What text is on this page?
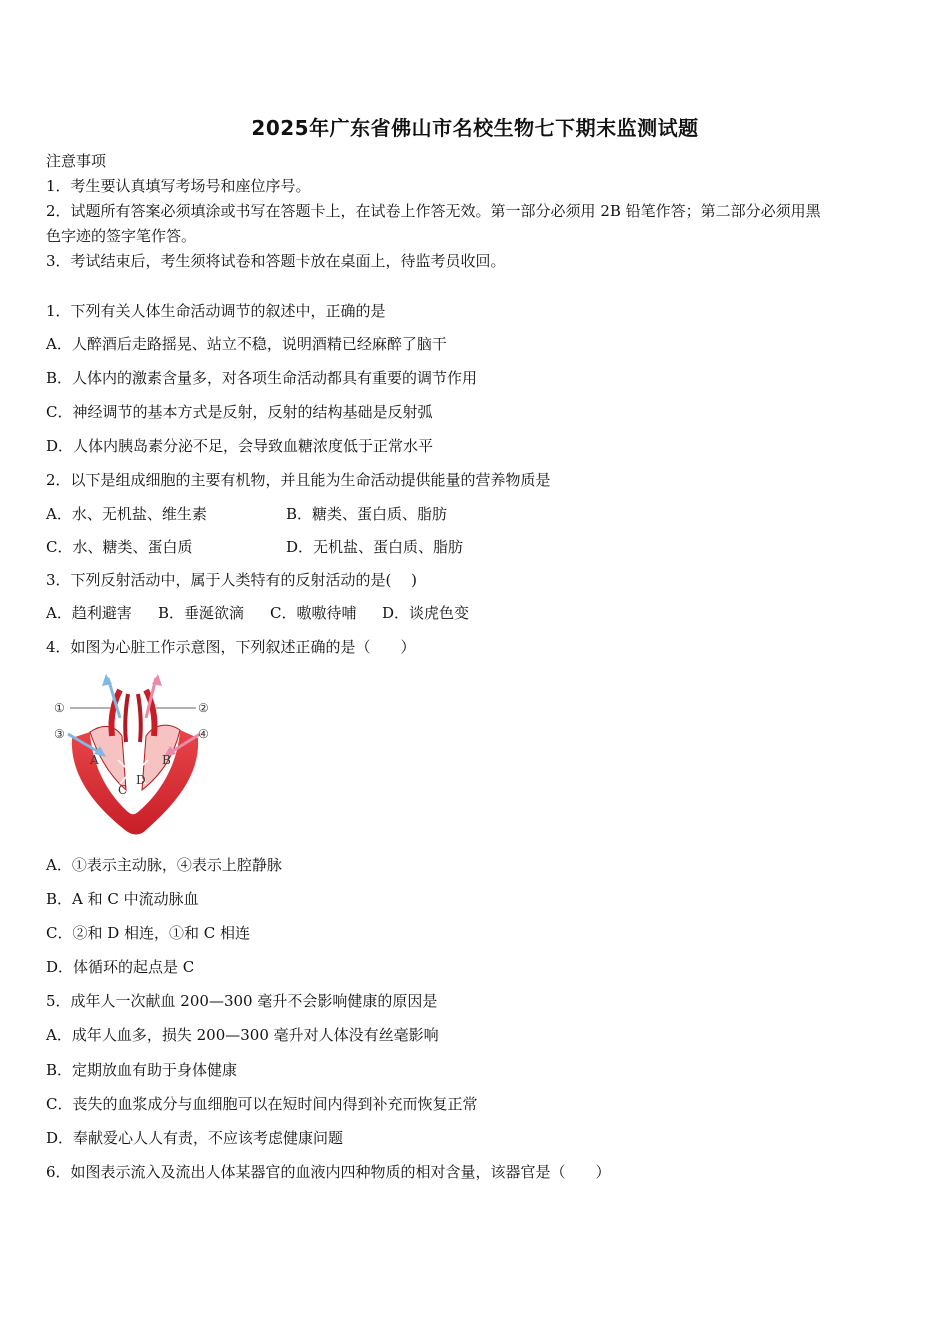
2025年广东省佛山市名校生物七下期末监测试题
注意事项
1．考生要认真填写考场号和座位序号。
2．试题所有答案必须填涂或书写在答题卡上，在试卷上作答无效。第一部分必须用 2B 铅笔作答；第二部分必须用黑
色字迹的签字笔作答。
3．考试结束后，考生须将试卷和答题卡放在桌面上，待监考员收回。
1．下列有关人体生命活动调节的叙述中，正确的是
A．人醉酒后走路摇晃、站立不稳，说明酒精已经麻醉了脑干
B．人体内的激素含量多，对各项生命活动都具有重要的调节作用
C．神经调节的基本方式是反射，反射的结构基础是反射弧
D．人体内胰岛素分泌不足，会导致血糖浓度低于正常水平
2．以下是组成细胞的主要有机物，并且能为生命活动提供能量的营养物质是
A．水、无机盐、维生素	B．糖类、蛋白质、脂肪
C．水、糖类、蛋白质	D．无机盐、蛋白质、脂肪
3．下列反射活动中，属于人类特有的反射活动的是(　 )
A．趋利避害 B．垂涎欲滴 C．嗷嗷待哺 D．谈虎色变
4．如图为心脏工作示意图，下列叙述正确的是（　　）
①	②
③	④
A	B
C
D
A．①表示主动脉，④表示上腔静脉
B．A 和 C 中流动脉血
C．②和 D 相连，①和 C 相连
D．体循环的起点是 C
5．成年人一次献血 200—300 毫升不会影响健康的原因是
A．成年人血多，损失 200—300 毫升对人体没有丝毫影响
B．定期放血有助于身体健康
C．丧失的血浆成分与血细胞可以在短时间内得到补充而恢复正常
D．奉献爱心人人有责，不应该考虑健康问题
6．如图表示流入及流出人体某器官的血液内四种物质的相对含量，该器官是（　　）
